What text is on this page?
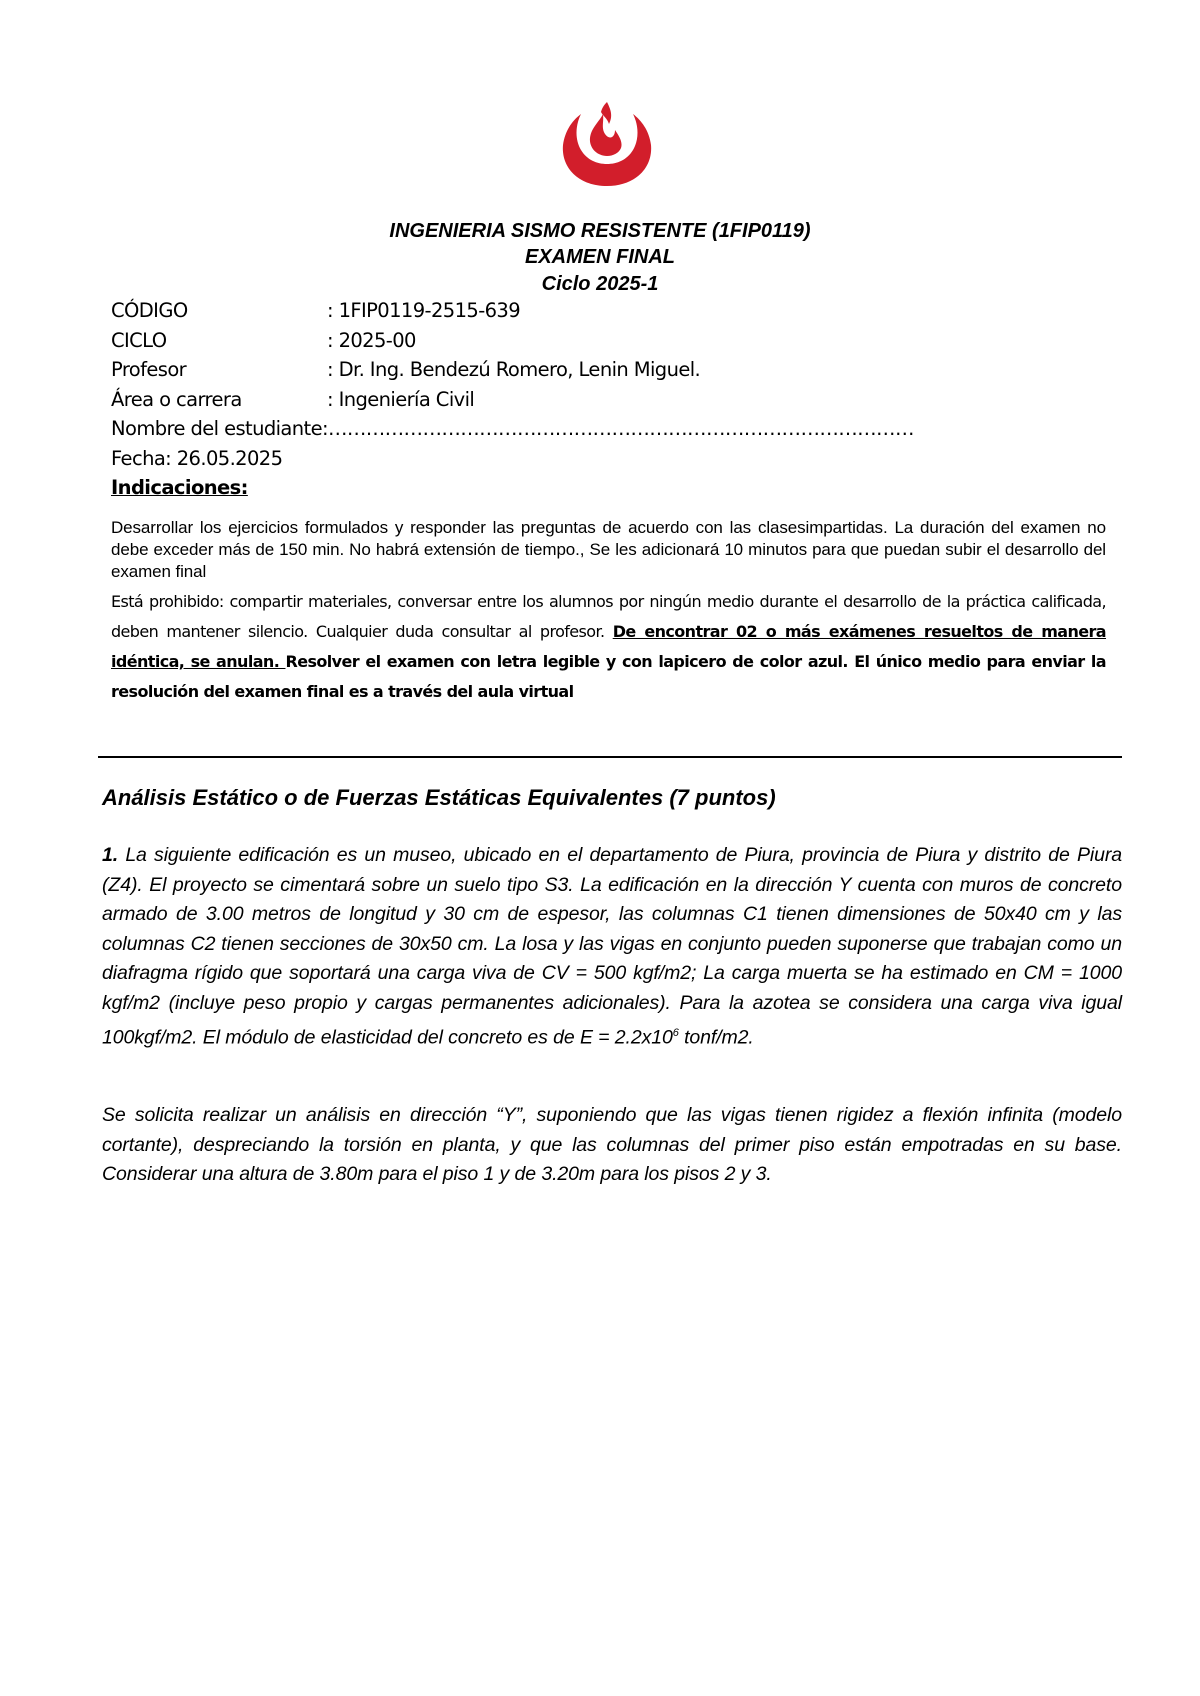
INGENIERIA SISMO RESISTENTE (1FIP0119)
EXAMEN FINAL
Ciclo 2025-1
CÓDIGO	: 1FIP0119-2515-639
CICLO	: 2025-00
Profesor	: Dr. Ing. Bendezú Romero, Lenin Miguel.
Área o carrera	: Ingeniería Civil
Nombre del estudiante:…………………………………………………………………………………
Fecha: 26.05.2025
Indicaciones:
Desarrollar los ejercicios formulados y responder las preguntas de acuerdo con las clasesimpartidas. La duración del examen no debe exceder más de 150 min. No habrá extensión de tiempo., Se les adicionará 10 minutos para que puedan subir el desarrollo del examen final
Está prohibido: compartir materiales, conversar entre los alumnos por ningún medio durante el desarrollo de la práctica calificada, deben mantener silencio. Cualquier duda consultar al profesor. De encontrar 02 o más exámenes resueltos de manera idéntica, se anulan. Resolver el examen con letra legible y con lapicero de color azul. El único medio para enviar la resolución del examen final es a través del aula virtual
Análisis Estático o de Fuerzas Estáticas Equivalentes (7 puntos)
1. La siguiente edificación es un museo, ubicado en el departamento de Piura, provincia de Piura y distrito de Piura (Z4). El proyecto se cimentará sobre un suelo tipo S3. La edificación en la dirección Y cuenta con muros de concreto armado de 3.00 metros de longitud y 30 cm de espesor, las columnas C1 tienen dimensiones de 50x40 cm y las columnas C2 tienen secciones de 30x50 cm. La losa y las vigas en conjunto pueden suponerse que trabajan como un diafragma rígido que soportará una carga viva de CV = 500 kgf/m2; La carga muerta se ha estimado en CM = 1000 kgf/m2 (incluye peso propio y cargas permanentes adicionales). Para la azotea se considera una carga viva igual 100kgf/m2. El módulo de elasticidad del concreto es de $E = 2.2x10^6$ tonf/m2.
Se solicita realizar un análisis en dirección “Y”, suponiendo que las vigas tienen rigidez a flexión infinita (modelo cortante), despreciando la torsión en planta, y que las columnas del primer piso están empotradas en su base. Considerar una altura de 3.80m para el piso 1 y de 3.20m para los pisos 2 y 3.
